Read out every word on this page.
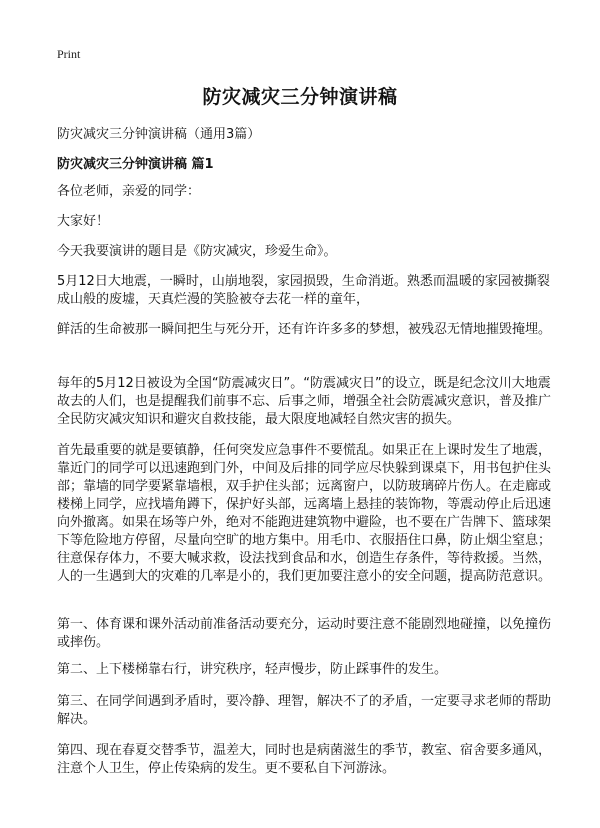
Print
防灾减灾三分钟演讲稿
防灾减灾三分钟演讲稿（通用3篇）
防灾减灾三分钟演讲稿 篇1

各位老师，亲爱的同学：

大家好！

今天我要演讲的题目是《防灾减灾，珍爱生命》。

5月12日大地震，一瞬时，山崩地裂，家园损毁，生命消逝。熟悉而温暖的家园被撕裂成山般的废墟，天真烂漫的笑脸被夺去花一样的童年，

鲜活的生命被那一瞬间把生与死分开，还有许许多多的梦想，被残忍无情地摧毁掩埋。

每年的5月12日被设为全国“防震减灾日”。“防震减灾日”的设立，既是纪念汶川大地震故去的人们，也是提醒我们前事不忘、后事之师，增强全社会防震减灾意识，普及推广全民防灾减灾知识和避灾自救技能，最大限度地减轻自然灾害的损失。

首先最重要的就是要镇静，任何突发应急事件不要慌乱。如果正在上课时发生了地震，靠近门的同学可以迅速跑到门外，中间及后排的同学应尽快躲到课桌下，用书包护住头部；靠墙的同学要紧靠墙根，双手护住头部；远离窗户，以防玻璃碎片伤人。在走廊或楼梯上同学，应找墙角蹲下，保护好头部，远离墙上悬挂的装饰物，等震动停止后迅速向外撤离。如果在场等户外，绝对不能跑进建筑物中避险，也不要在广告牌下、篮球架下等危险地方停留，尽量向空旷的地方集中。用毛巾、衣服捂住口鼻，防止烟尘窒息；往意保存体力，不要大喊求救，设法找到食品和水，创造生存条件，等待救援。当然，人的一生遇到大的灾难的几率是小的，我们更加要注意小的安全问题，提高防范意识。

第一、体育课和课外活动前准备活动要充分，运动时要注意不能剧烈地碰撞，以免撞伤或摔伤。

第二、上下楼梯靠右行，讲究秩序，轻声慢步，防止踩事件的发生。

第三、在同学间遇到矛盾时，要冷静、理智，解决不了的矛盾，一定要寻求老师的帮助解决。

第四、现在春夏交替季节，温差大，同时也是病菌滋生的季节，教室、宿舍要多通风，注意个人卫生，停止传染病的发生。更不要私自下河游泳。
